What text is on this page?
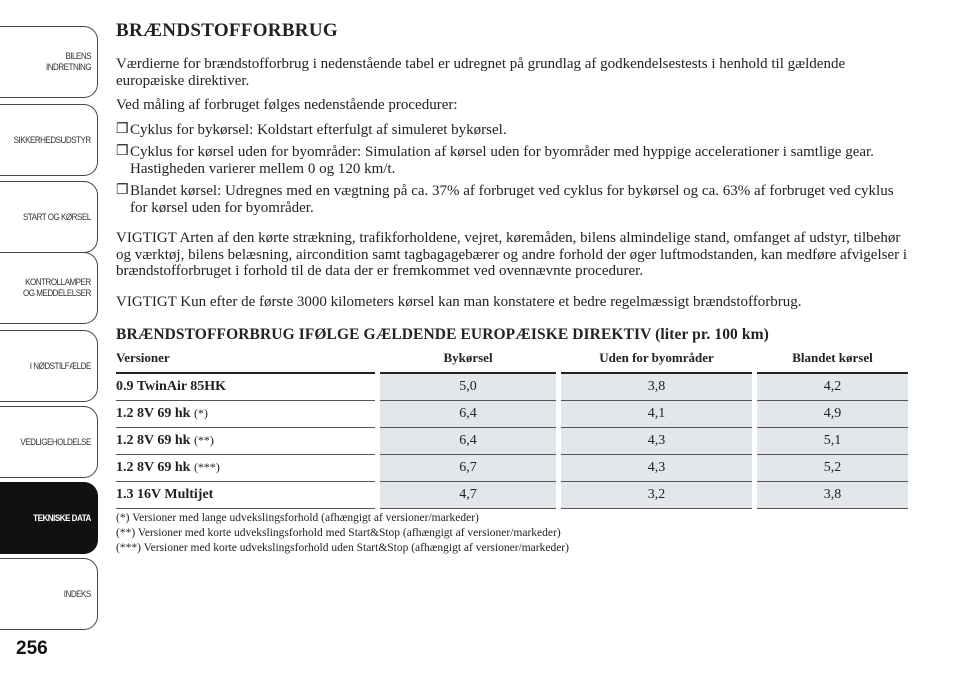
BILENS
INDRETNING
SIKKERHEDSUDSTYR
START OG KØRSEL
KONTROLLAMPER
OG MEDDELELSER
I NØDSTILFÆLDE
VEDLIGEHOLDELSE
TEKNISKE DATA
INDEKS
256
BRÆNDSTOFFORBRUG

Værdierne for brændstofforbrug i nedenstående tabel er udregnet på grundlag af godkendelsestests i henhold til gældende europæiske direktiver.

Ved måling af forbruget følges nedenstående procedurer:

❒ Cyklus for bykørsel: Koldstart efterfulgt af simuleret bykørsel.
❒ Cyklus for kørsel uden for byområder: Simulation af kørsel uden for byområder med hyppige accelerationer i samtlige gear. Hastigheden varierer mellem 0 og 120 km/t.
❒ Blandet kørsel: Udregnes med en vægtning på ca. 37% af forbruget ved cyklus for bykørsel og ca. 63% af forbruget ved cyklus for kørsel uden for byområder.

VIGTIGT Arten af den kørte strækning, trafikforholdene, vejret, køremåden, bilens almindelige stand, omfanget af udstyr, tilbehør og værktøj, bilens belæsning, aircondition samt tagbagagebærer og andre forhold der øger luftmodstanden, kan medføre afvigelser i brændstofforbruget i forhold til de data der er fremkommet ved ovennævnte procedurer.

VIGTIGT Kun efter de første 3000 kilometers kørsel kan man konstatere et bedre regelmæssigt brændstofforbrug.

BRÆNDSTOFFORBRUG IFØLGE GÆLDENDE EUROPÆISKE DIREKTIV (liter pr. 100 km)
Versioner	Bykørsel	Uden for byområder	Blandet kørsel
0.9 TwinAir 85HK	5,0	3,8	4,2
1.2 8V 69 hk (*)	6,4	4,1	4,9
1.2 8V 69 hk (**)	6,4	4,3	5,1
1.2 8V 69 hk (***)	6,7	4,3	5,2
1.3 16V Multijet	4,7	3,2	3,8

(*) Versioner med lange udvekslingsforhold (afhængigt af versioner/markeder)

(**) Versioner med korte udvekslingsforhold med Start&Stop (afhængigt af versioner/markeder)

(***) Versioner med korte udvekslingsforhold uden Start&Stop (afhængigt af versioner/markeder)
